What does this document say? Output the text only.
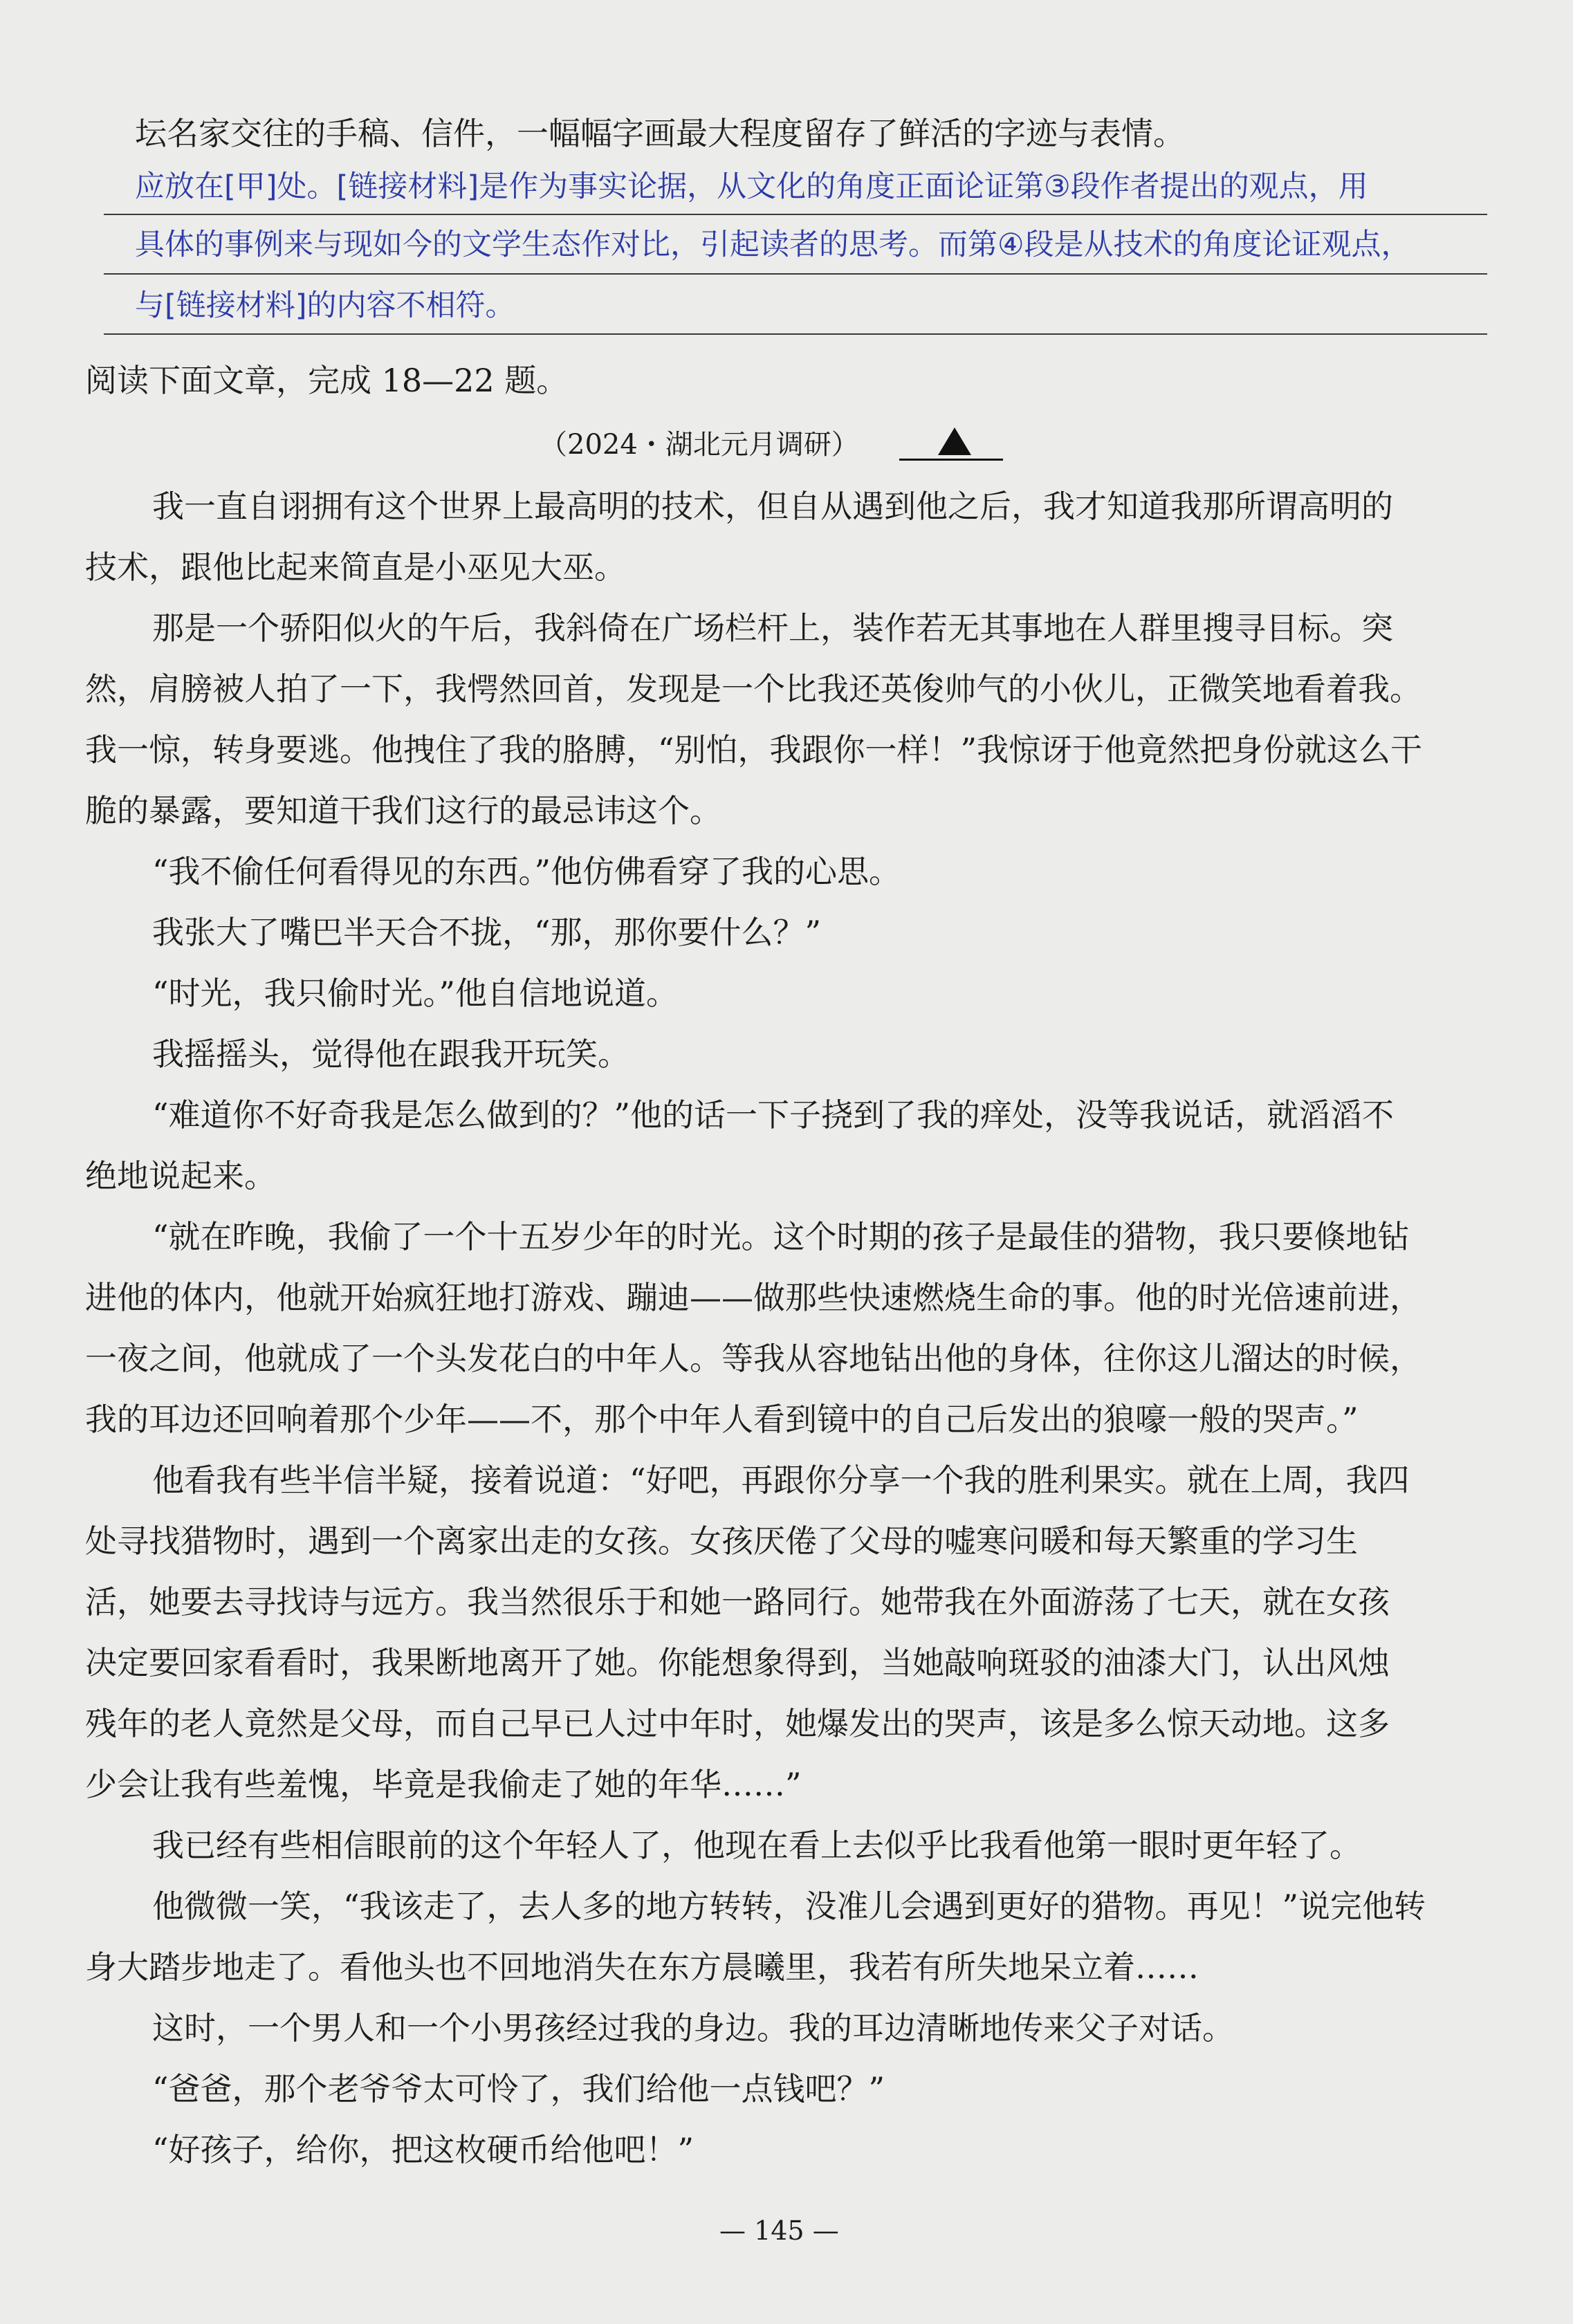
坛名家交往的手稿、信件，一幅幅字画最大程度留存了鲜活的字迹与表情。
应放在[甲]处。[链接材料]是作为事实论据，从文化的角度正面论证第③段作者提出的观点，用
具体的事例来与现如今的文学生态作对比，引起读者的思考。而第④段是从技术的角度论证观点，
与[链接材料]的内容不相符。
阅读下面文章，完成 18—22 题。
（2024・湖北元月调研）
我一直自诩拥有这个世界上最高明的技术，但自从遇到他之后，我才知道我那所谓高明的
技术，跟他比起来简直是小巫见大巫。
那是一个骄阳似火的午后，我斜倚在广场栏杆上，装作若无其事地在人群里搜寻目标。突
然，肩膀被人拍了一下，我愕然回首，发现是一个比我还英俊帅气的小伙儿，正微笑地看着我。
我一惊，转身要逃。他拽住了我的胳膊，“别怕，我跟你一样！”我惊讶于他竟然把身份就这么干
脆的暴露，要知道干我们这行的最忌讳这个。
“我不偷任何看得见的东西。”他仿佛看穿了我的心思。
我张大了嘴巴半天合不拢，“那，那你要什么？”
“时光，我只偷时光。”他自信地说道。
我摇摇头，觉得他在跟我开玩笑。
“难道你不好奇我是怎么做到的？”他的话一下子挠到了我的痒处，没等我说话，就滔滔不
绝地说起来。
“就在昨晚，我偷了一个十五岁少年的时光。这个时期的孩子是最佳的猎物，我只要倏地钻
进他的体内，他就开始疯狂地打游戏、蹦迪——做那些快速燃烧生命的事。他的时光倍速前进，
一夜之间，他就成了一个头发花白的中年人。等我从容地钻出他的身体，往你这儿溜达的时候，
我的耳边还回响着那个少年——不，那个中年人看到镜中的自己后发出的狼嚎一般的哭声。”
他看我有些半信半疑，接着说道：“好吧，再跟你分享一个我的胜利果实。就在上周，我四
处寻找猎物时，遇到一个离家出走的女孩。女孩厌倦了父母的嘘寒问暖和每天繁重的学习生
活，她要去寻找诗与远方。我当然很乐于和她一路同行。她带我在外面游荡了七天，就在女孩
决定要回家看看时，我果断地离开了她。你能想象得到，当她敲响斑驳的油漆大门，认出风烛
残年的老人竟然是父母，而自己早已人过中年时，她爆发出的哭声，该是多么惊天动地。这多
少会让我有些羞愧，毕竟是我偷走了她的年华……”
我已经有些相信眼前的这个年轻人了，他现在看上去似乎比我看他第一眼时更年轻了。
他微微一笑，“我该走了，去人多的地方转转，没准儿会遇到更好的猎物。再见！”说完他转
身大踏步地走了。看他头也不回地消失在东方晨曦里，我若有所失地呆立着……
这时，一个男人和一个小男孩经过我的身边。我的耳边清晰地传来父子对话。
“爸爸，那个老爷爷太可怜了，我们给他一点钱吧？”
“好孩子，给你，把这枚硬币给他吧！”
— 145 —
